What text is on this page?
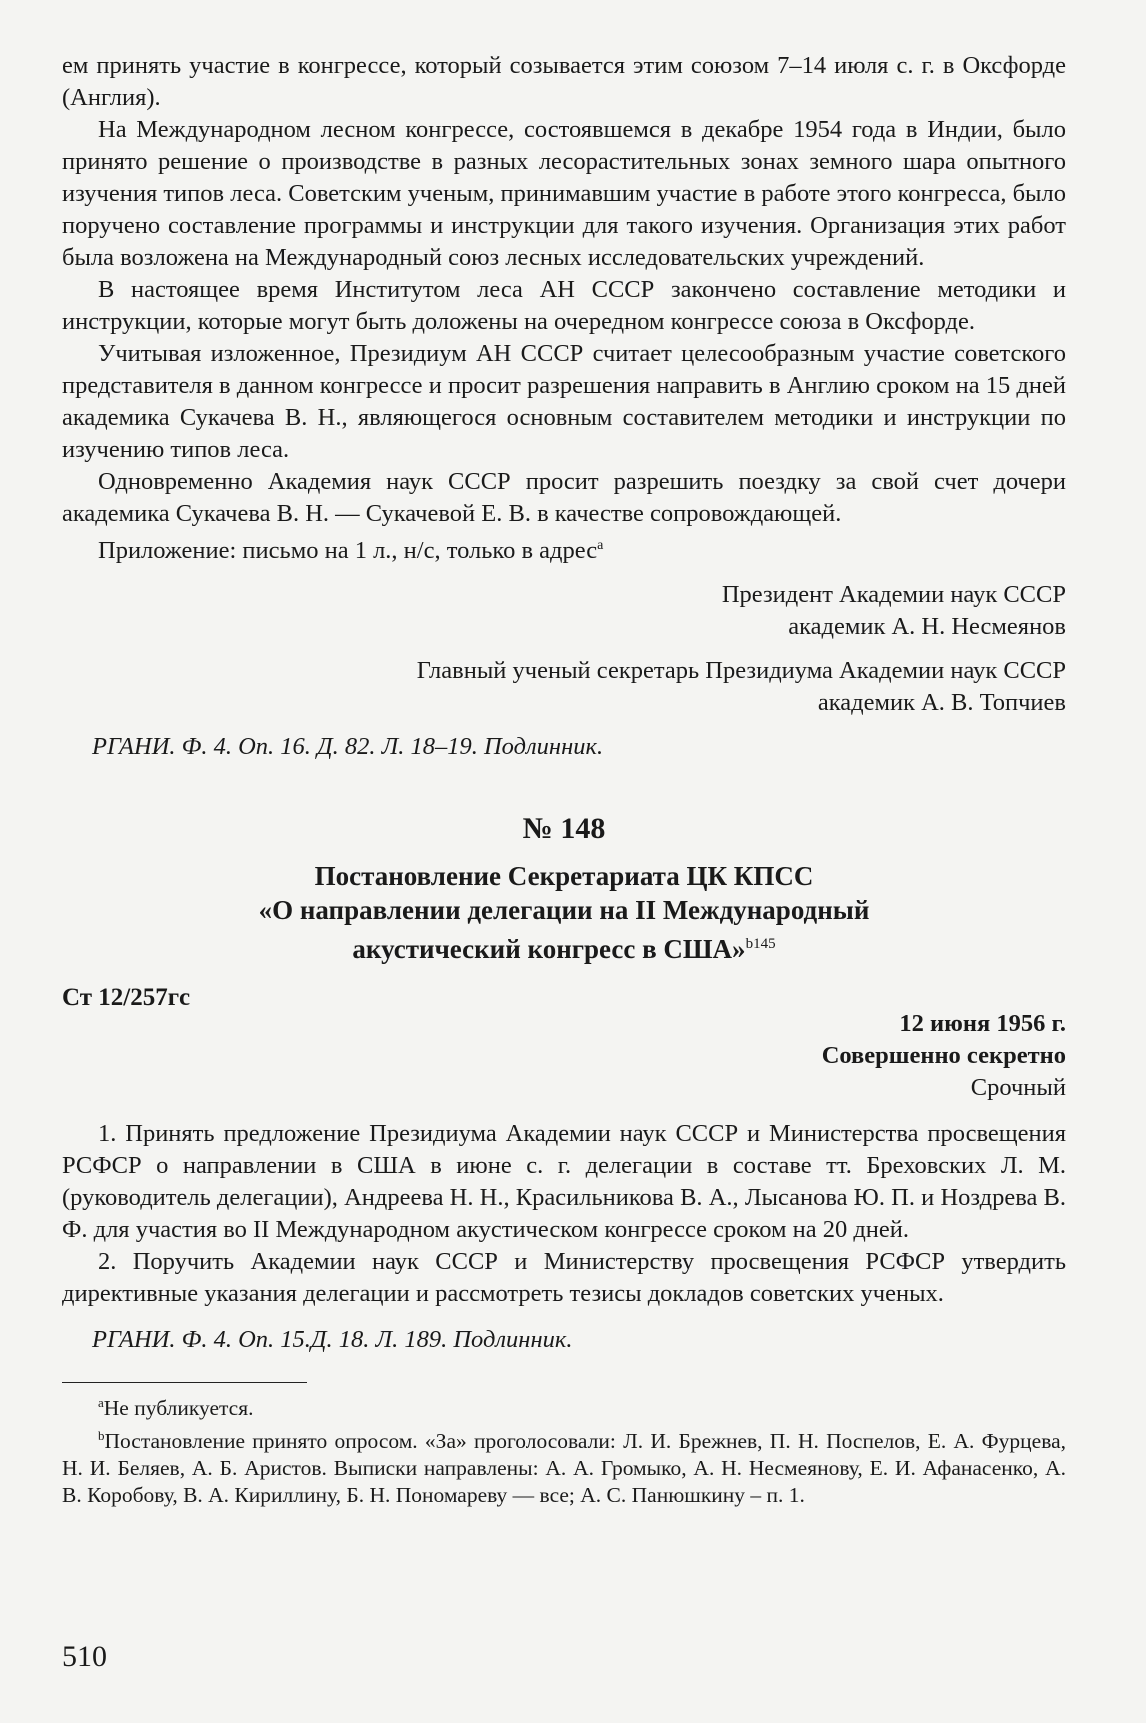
ем принять участие в конгрессе, который созывается этим союзом 7–14 июля с. г. в Оксфорде (Англия).

На Международном лесном конгрессе, состоявшемся в декабре 1954 года в Индии, было принято решение о производстве в разных лесорастительных зонах земного шара опытного изучения типов леса. Советским ученым, принимавшим участие в работе этого конгресса, было поручено составление программы и инструкции для такого изучения. Организация этих работ была возложена на Международный союз лесных исследовательских учреждений.

В настоящее время Институтом леса АН СССР закончено составление методики и инструкции, которые могут быть доложены на очередном конгрессе союза в Оксфорде.

Учитывая изложенное, Президиум АН СССР считает целесообразным участие советского представителя в данном конгрессе и просит разрешения направить в Англию сроком на 15 дней академика Сукачева В. Н., являющегося основным составителем методики и инструкции по изучению типов леса.

Одновременно Академия наук СССР просит разрешить поездку за свой счет дочери академика Сукачева В. Н. — Сукачевой Е. В. в качестве сопровождающей.

Приложение: письмо на 1 л., н/с, только в адрес$^a$

Президент Академии наук СССР

академик А. Н. Несмеянов

Главный ученый секретарь Президиума Академии наук СССР

академик А. В. Топчиев

РГАНИ. Ф. 4. Оп. 16. Д. 82. Л. 18–19. Подлинник.

№ 148

Постановление Секретариата ЦК КПСС

«О направлении делегации на II Международный

акустический конгресс в США»$^{b145}$

Ст 12/257гс
12 июня 1956 г.
Совершенно секретно
Срочный

1. Принять предложение Президиума Академии наук СССР и Министерства просвещения РСФСР о направлении в США в июне с. г. делегации в составе тт. Бреховских Л. М. (руководитель делегации), Андреева Н. Н., Красильникова В. А., Лысанова Ю. П. и Ноздрева В. Ф. для участия во II Международном акустическом конгрессе сроком на 20 дней.

2. Поручить Академии наук СССР и Министерству просвещения РСФСР утвердить директивные указания делегации и рассмотреть тезисы докладов советских ученых.

РГАНИ. Ф. 4. Оп. 15.Д. 18. Л. 189. Подлинник.

$^a$Не публикуется.

$^b$Постановление принято опросом. «За» проголосовали: Л. И. Брежнев, П. Н. Поспелов, Е. А. Фурцева, Н. И. Беляев, А. Б. Аристов. Выписки направлены: А. А. Громыко, А. Н. Несмеянову, Е. И. Афанасенко, А. В. Коробову, В. А. Кириллину, Б. Н. Пономареву — все; А. С. Панюшкину – п. 1.

510
